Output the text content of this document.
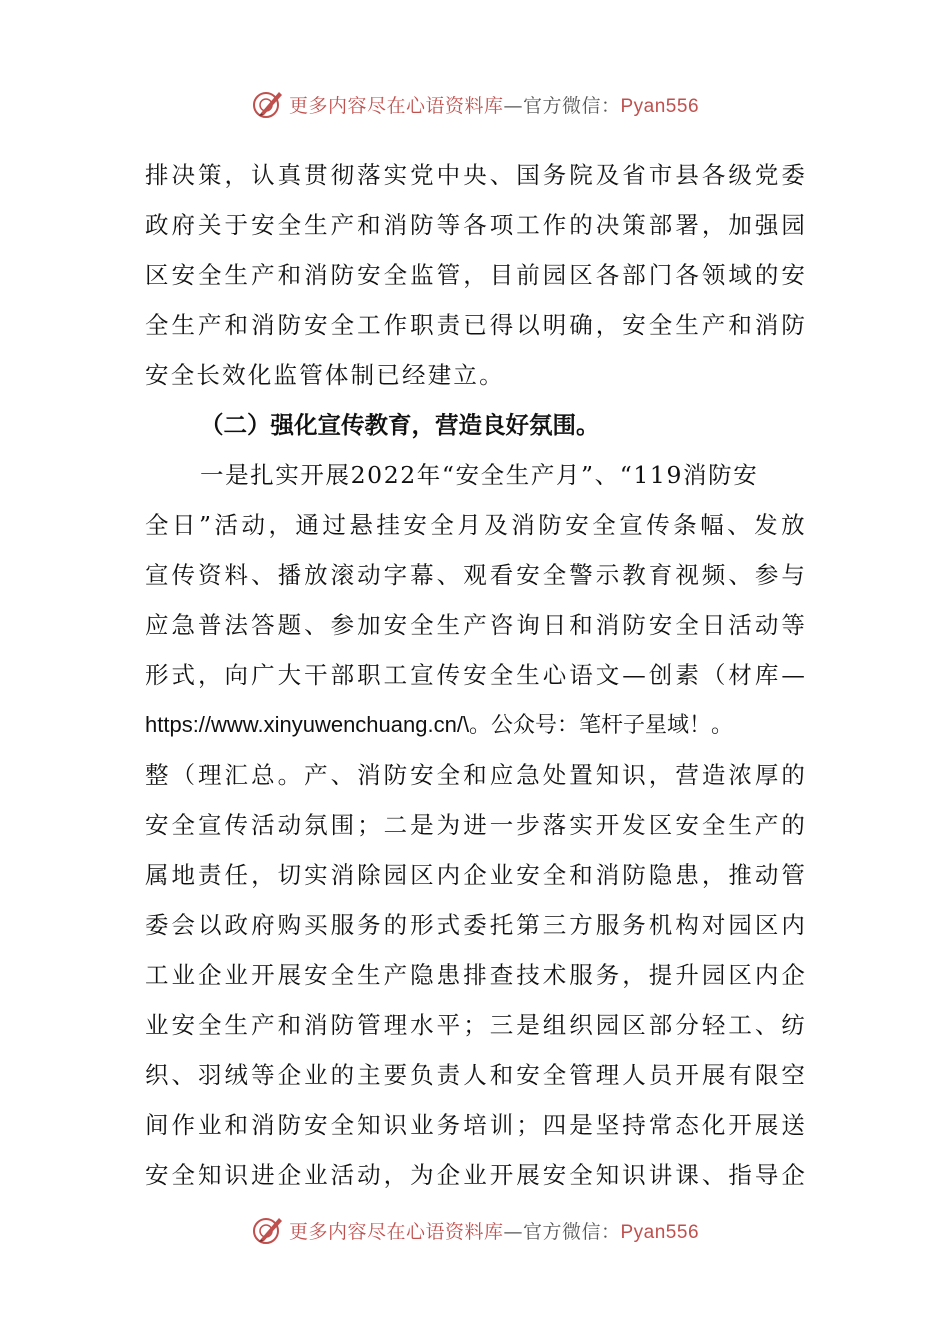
更多内容尽在心语资料库—官方微信：Pyan556
排 决 策 ， 认 真 贯 彻 落 实 党 中 央 、 国 务 院 及 省 市 县 各 级 党 委
政 府 关 于 安 全 生 产 和 消 防 等 各 项 工 作 的 决 策 部 署 ， 加 强 园
区 安 全 生 产 和 消 防 安 全 监 管 ， 目 前 园 区 各 部 门 各 领 域 的 安
全 生 产 和 消 防 安 全 工 作 职 责 已 得 以 明 确 ， 安 全 生 产 和 消 防
安全长效化监管体制已经建立。
（二）强化宣传教育，营造良好氛围。
一是扎实开展2022年“安全生产月”、“119消防安
全 日 ” 活 动 ， 通 过 悬 挂 安 全 月 及 消 防 安 全 宣 传 条 幅 、 发 放
宣 传 资 料 、 播 放 滚 动 字 幕 、 观 看 安 全 警 示 教 育 视 频 、 参 与
应 急 普 法 答 题 、 参 加 安 全 生 产 咨 询 日 和 消 防 安 全 日 活 动 等
形 式 ， 向 广 大 干 部 职 工 宣 传 安 全 生 心 语 文 — 创 素 （ 材 库 —
https://www.xinyuwenchuang.cn/\。公众号：笔杆子星域！。
整 （ 理 汇 总 。 产 、 消 防 安 全 和 应 急 处 置 知 识 ， 营 造 浓 厚 的
安 全 宣 传 活 动 氛 围 ； 二 是 为 进 一 步 落 实 开 发 区 安 全 生 产 的
属 地 责 任 ， 切 实 消 除 园 区 内 企 业 安 全 和 消 防 隐 患 ， 推 动 管
委 会 以 政 府 购 买 服 务 的 形 式 委 托 第 三 方 服 务 机 构 对 园 区 内
工 业 企 业 开 展 安 全 生 产 隐 患 排 查 技 术 服 务 ， 提 升 园 区 内 企
业 安 全 生 产 和 消 防 管 理 水 平 ； 三 是 组 织 园 区 部 分 轻 工 、 纺
织 、 羽 绒 等 企 业 的 主 要 负 责 人 和 安 全 管 理 人 员 开 展 有 限 空
间 作 业 和 消 防 安 全 知 识 业 务 培 训 ； 四 是 坚 持 常 态 化 开 展 送
安 全 知 识 进 企 业 活 动 ， 为 企 业 开 展 安 全 知 识 讲 课 、 指 导 企
更多内容尽在心语资料库—官方微信：Pyan556
